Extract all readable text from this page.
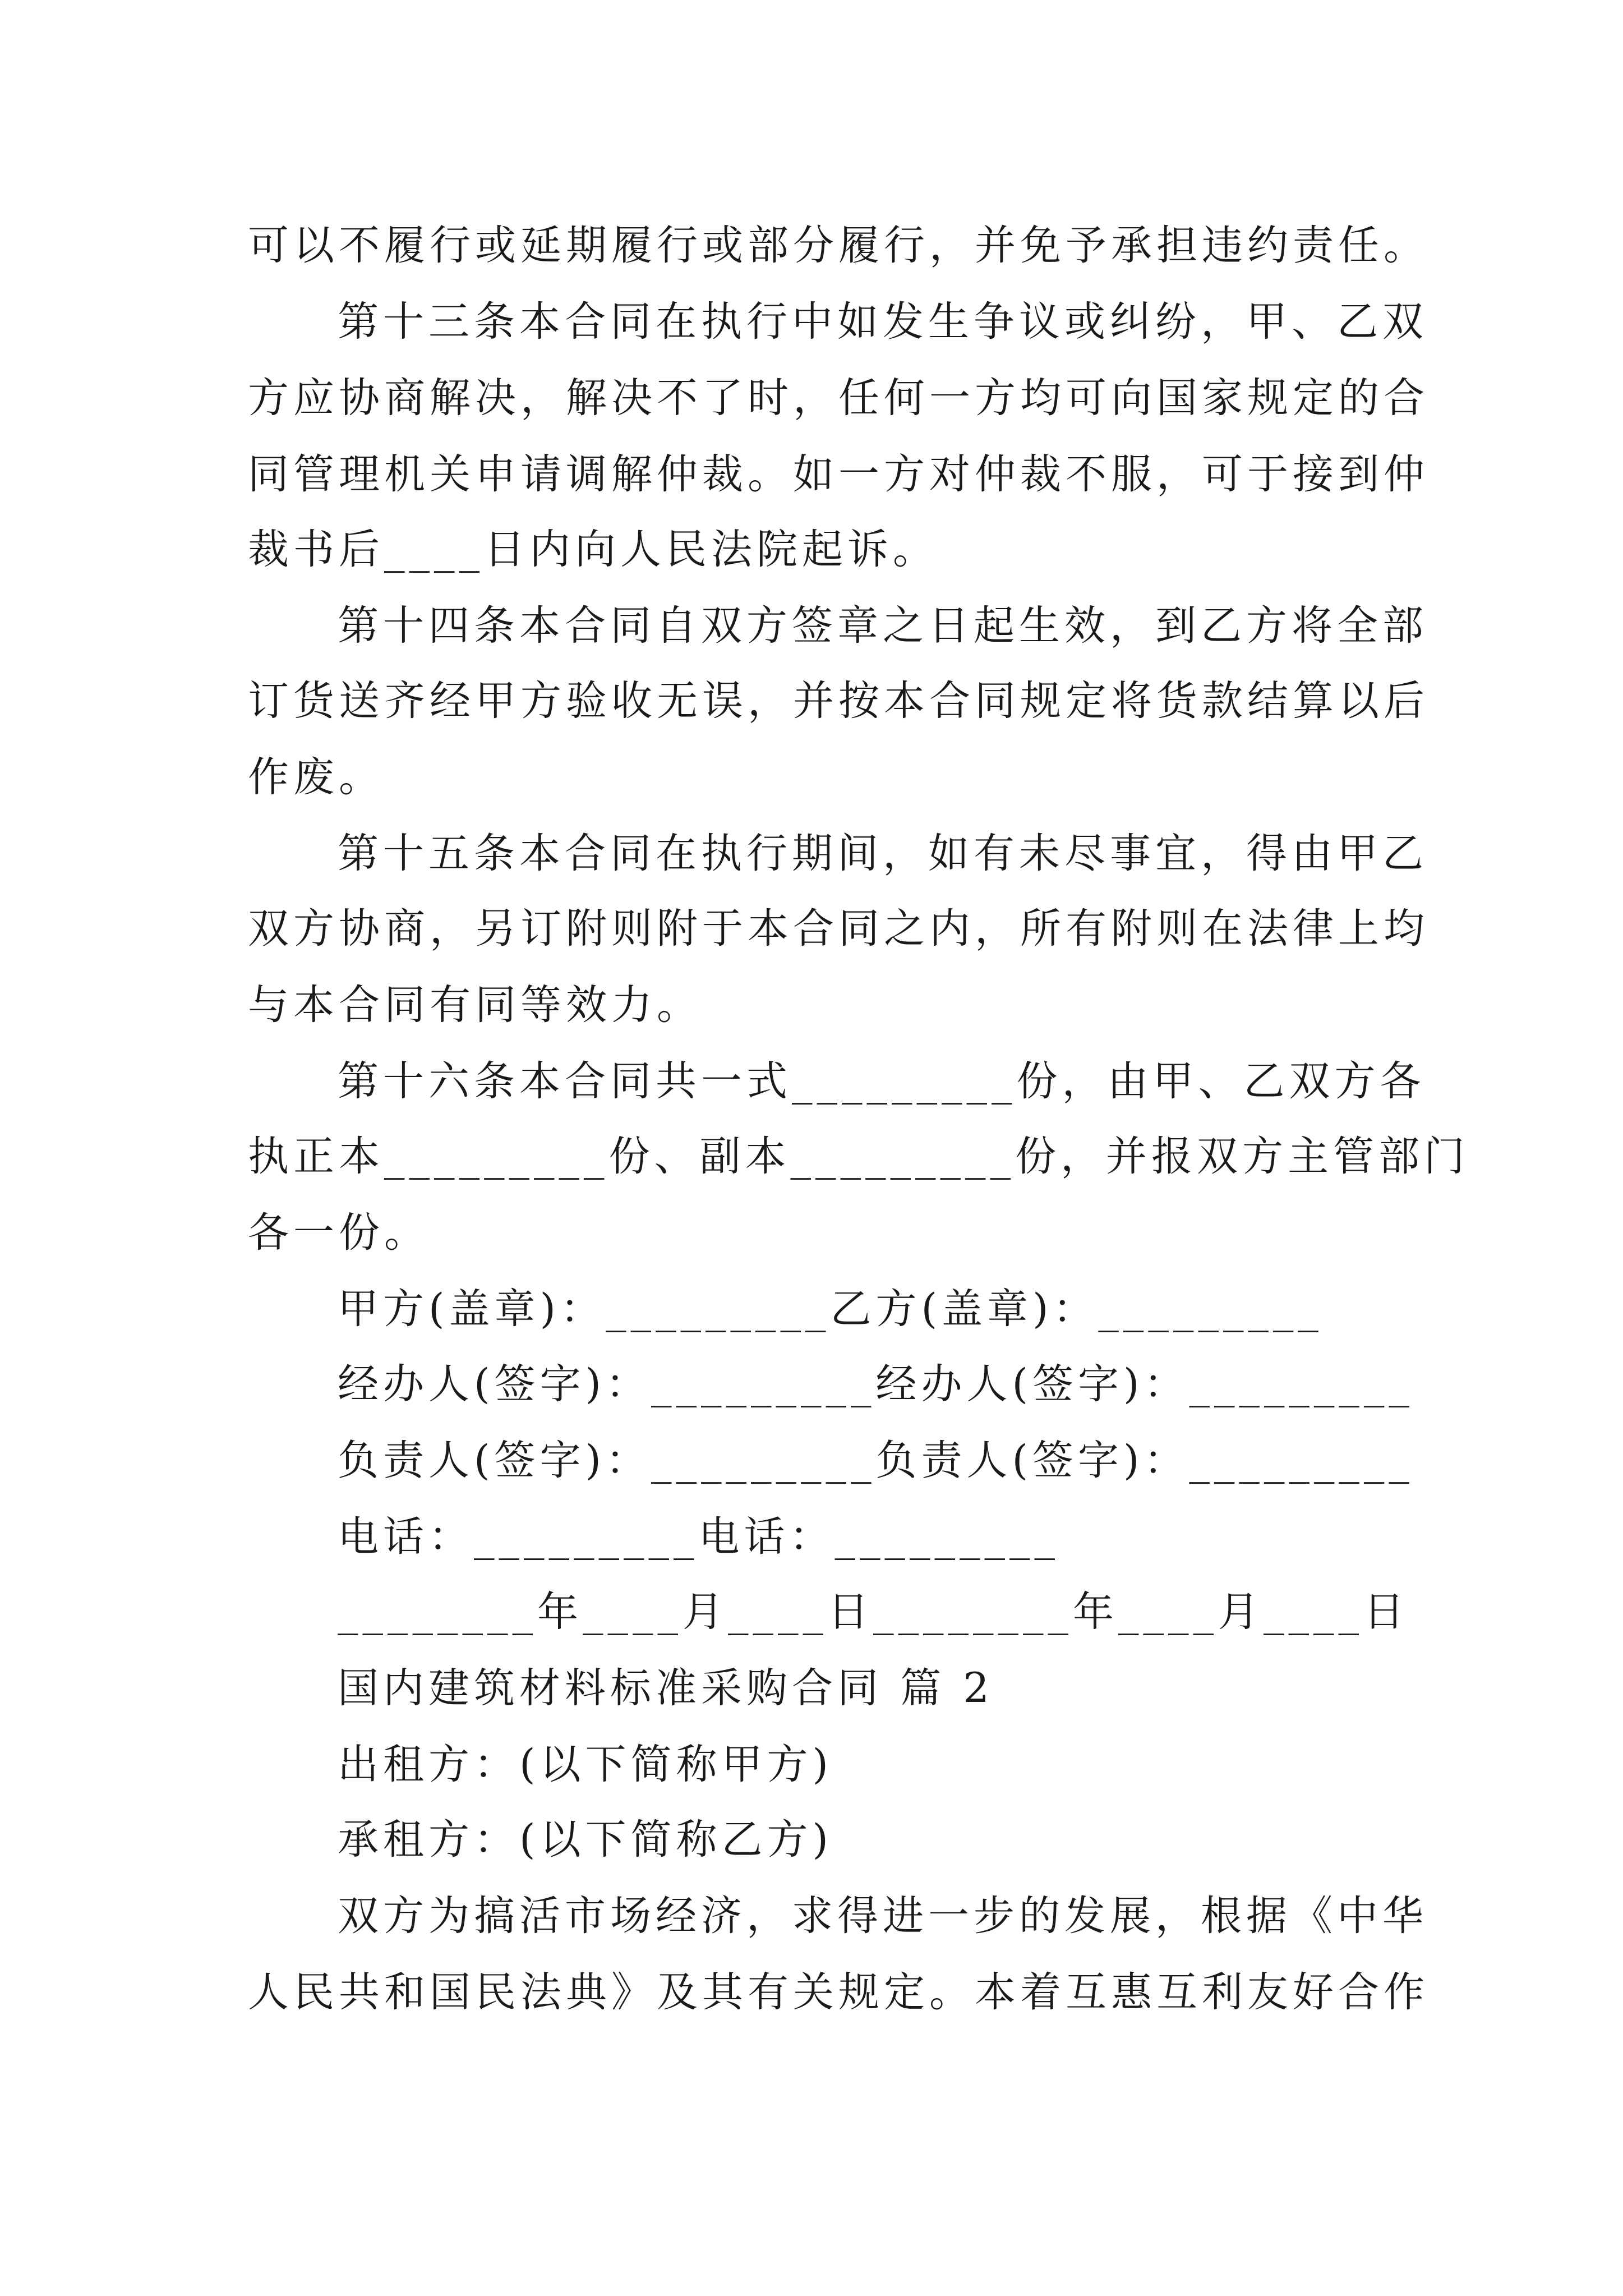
可以不履行或延期履行或部分履行，并免予承担违约责任。
第十三条本合同在执行中如发生争议或纠纷，甲、乙双
方应协商解决，解决不了时，任何一方均可向国家规定的合
同管理机关申请调解仲裁。如一方对仲裁不服，可于接到仲
裁书后____日内向人民法院起诉。
第十四条本合同自双方签章之日起生效，到乙方将全部
订货送齐经甲方验收无误，并按本合同规定将货款结算以后
作废。
第十五条本合同在执行期间，如有未尽事宜，得由甲乙
双方协商，另订附则附于本合同之内，所有附则在法律上均
与本合同有同等效力。
第十六条本合同共一式_________份，由甲、乙双方各
执正本_________份、副本_________份，并报双方主管部门
各一份。
甲方(盖章)：_________乙方(盖章)：_________
经办人(签字)：_________经办人(签字)：_________
负责人(签字)：_________负责人(签字)：_________
电话：_________电话：_________
________年____月____日________年____月____日
国内建筑材料标准采购合同 篇 2
出租方：(以下简称甲方)
承租方：(以下简称乙方)
双方为搞活市场经济，求得进一步的发展，根据《中华
人民共和国民法典》及其有关规定。本着互惠互利友好合作
